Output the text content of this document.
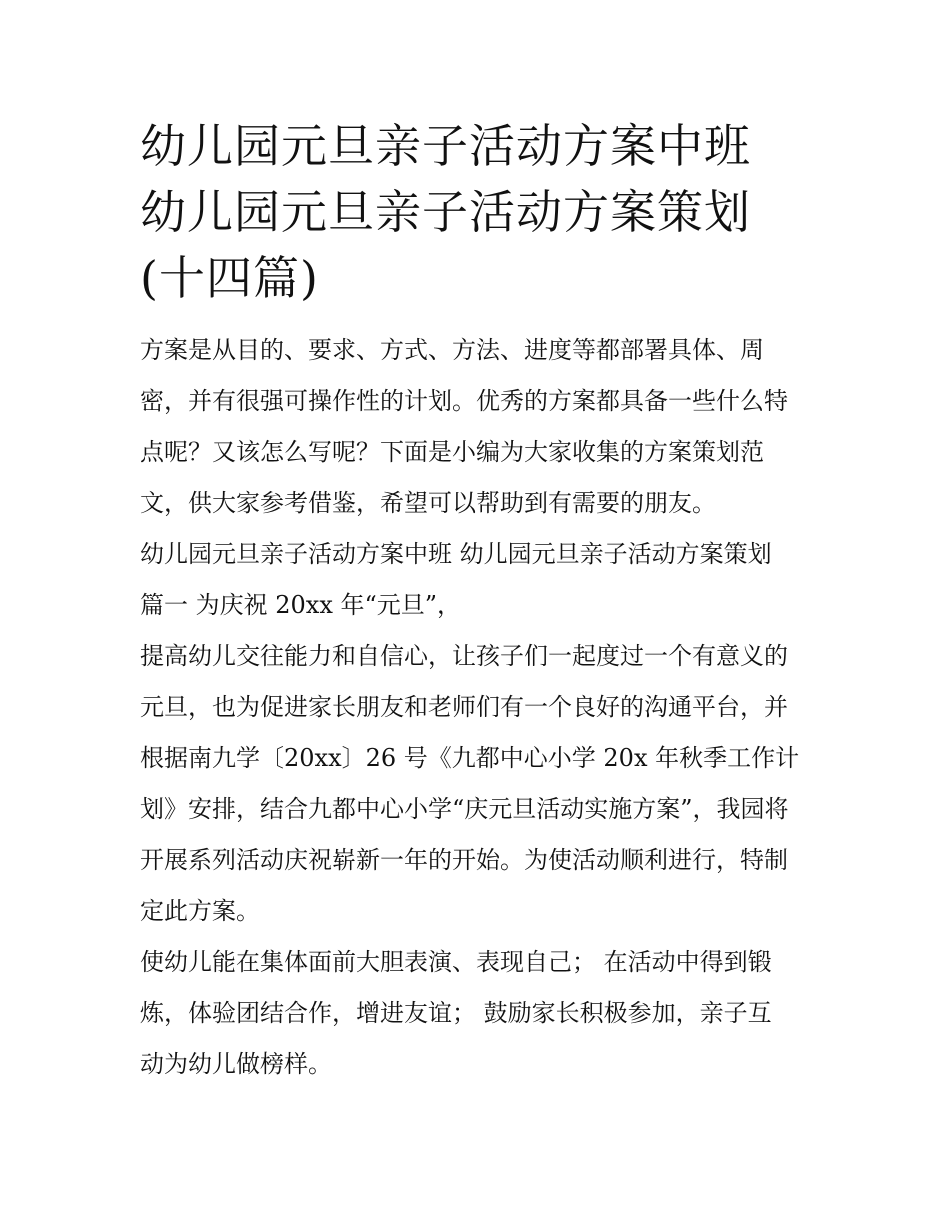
幼儿园元旦亲子活动方案中班
幼儿园元旦亲子活动方案策划
(十四篇)

方案是从目的、要求、方式、方法、进度等都部署具体、周
密，并有很强可操作性的计划。优秀的方案都具备一些什么特
点呢？又该怎么写呢？下面是小编为大家收集的方案策划范
文，供大家参考借鉴，希望可以帮助到有需要的朋友。

幼儿园元旦亲子活动方案中班 幼儿园元旦亲子活动方案策划
篇一 为庆祝 20xx 年“元旦”，

提高幼儿交往能力和自信心，让孩子们一起度过一个有意义的
元旦，也为促进家长朋友和老师们有一个良好的沟通平台，并
根据南九学〔20xx〕26 号《九都中心小学 20x 年秋季工作计
划》安排，结合九都中心小学“庆元旦活动实施方案”，我园将
开展系列活动庆祝崭新一年的开始。为使活动顺利进行，特制
定此方案。

使幼儿能在集体面前大胆表演、表现自己； 在活动中得到锻
炼，体验团结合作，增进友谊； 鼓励家长积极参加，亲子互
动为幼儿做榜样。
